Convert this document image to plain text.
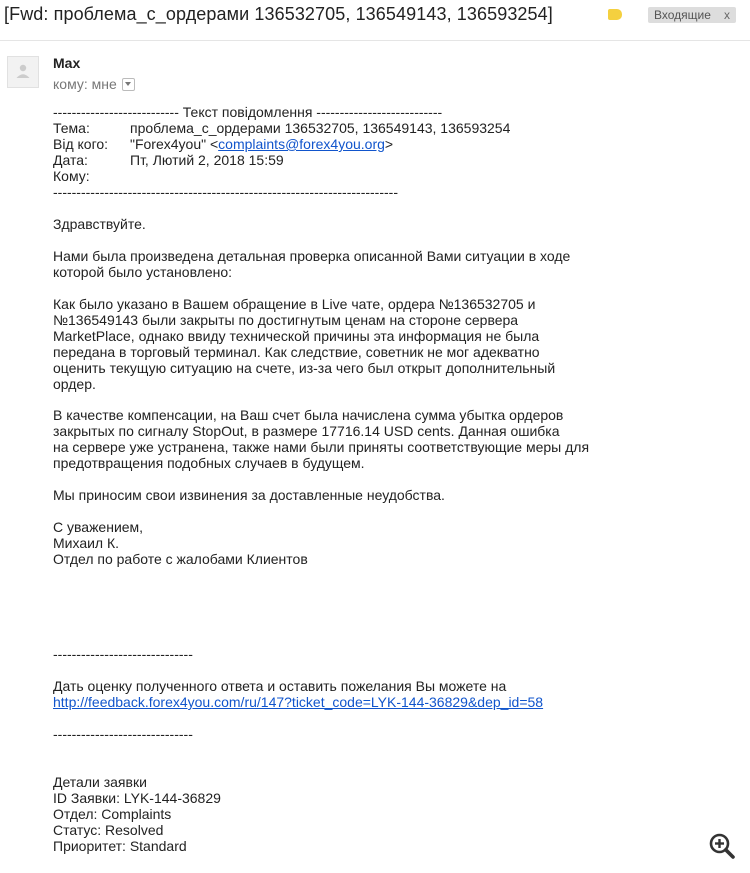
[Fwd: проблема_с_ордерами 136532705, 136549143, 136593254]	Входящие x
Max
кому: мне
--------------------------- Текст повідомлення ---------------------------
Тема:	проблема_с_ордерами 136532705, 136549143, 136593254
Від кого: "Forex4you" <complaints@forex4you.org>
Дата:	Пт, Лютий 2, 2018 15:59
Кому:
--------------------------------------------------------------------------
Здравствуйте.
Нами была произведена детальная проверка описанной Вами ситуации в ходе
которой было установлено:
Как было указано в Вашем обращение в Live чате, ордера №136532705 и
№136549143 были закрыты по достигнутым ценам на стороне сервера
MarketPlace, однако ввиду технической причины эта информация не была
передана в торговый терминал. Как следствие, советник не мог адекватно
оценить текущую ситуацию на счете, из-за чего был открыт дополнительный
ордер.
В качестве компенсации, на Ваш счет была начислена сумма убытка ордеров
закрытых по сигналу StopOut, в размере 17716.14 USD cents. Данная ошибка
на сервере уже устранена, также нами были приняты соответствующие меры для
предотвращения подобных случаев в будущем.
Мы приносим свои извинения за доставленные неудобства.
С уважением,
Михаил К.
Отдел по работе с жалобами Клиентов
------------------------------
Дать оценку полученного ответа и оставить пожелания Вы можете на
http://feedback.forex4you.com/ru/147?ticket_code=LYK-144-36829&dep_id=58
------------------------------
Детали заявки
ID Заявки: LYK-144-36829
Отдел: Complaints
Статус: Resolved
Приоритет: Standard
